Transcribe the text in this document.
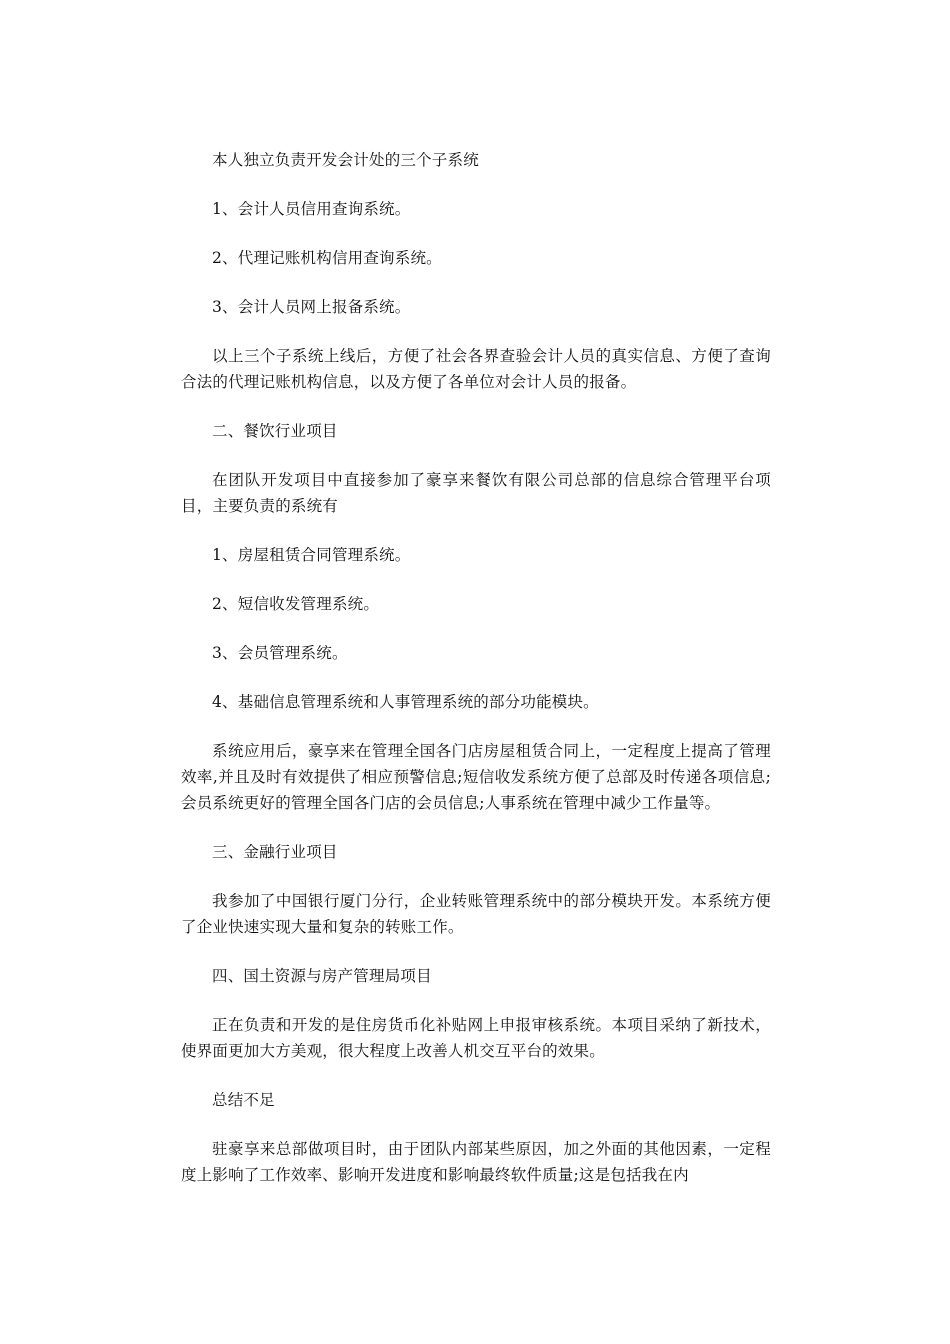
本人独立负责开发会计处的三个子系统

1、会计人员信用查询系统。

2、代理记账机构信用查询系统。

3、会计人员网上报备系统。

以上三个子系统上线后，方便了社会各界查验会计人员的真实信息、方便了查询合法的代理记账机构信息，以及方便了各单位对会计人员的报备。

二、餐饮行业项目

在团队开发项目中直接参加了豪享来餐饮有限公司总部的信息综合管理平台项目，主要负责的系统有

1、房屋租赁合同管理系统。

2、短信收发管理系统。

3、会员管理系统。

4、基础信息管理系统和人事管理系统的部分功能模块。

系统应用后，豪享来在管理全国各门店房屋租赁合同上，一定程度上提高了管理效率,并且及时有效提供了相应预警信息;短信收发系统方便了总部及时传递各项信息;会员系统更好的管理全国各门店的会员信息;人事系统在管理中减少工作量等。

三、金融行业项目

我参加了中国银行厦门分行，企业转账管理系统中的部分模块开发。本系统方便了企业快速实现大量和复杂的转账工作。

四、国土资源与房产管理局项目

正在负责和开发的是住房货币化补贴网上申报审核系统。本项目采纳了新技术，使界面更加大方美观，很大程度上改善人机交互平台的效果。

总结不足

驻豪享来总部做项目时，由于团队内部某些原因，加之外面的其他因素，一定程度上影响了工作效率、影响开发进度和影响最终软件质量;这是包括我在内
